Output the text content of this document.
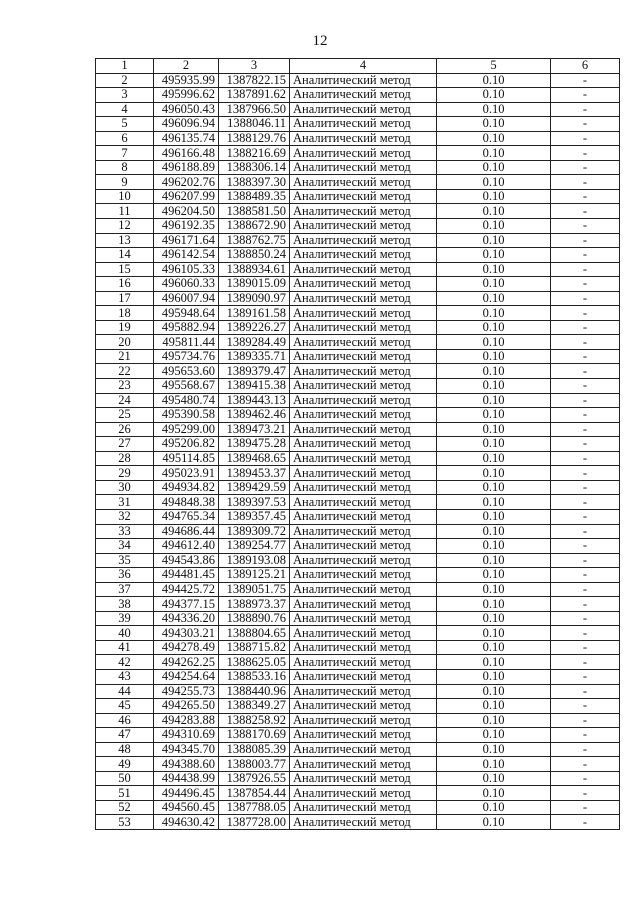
12
1	2	3	4	5	6
2	495935.99	1387822.15	Аналитический метод	0.10	-
3	495996.62	1387891.62	Аналитический метод	0.10	-
4	496050.43	1387966.50	Аналитический метод	0.10	-
5	496096.94	1388046.11	Аналитический метод	0.10	-
6	496135.74	1388129.76	Аналитический метод	0.10	-
7	496166.48	1388216.69	Аналитический метод	0.10	-
8	496188.89	1388306.14	Аналитический метод	0.10	-
9	496202.76	1388397.30	Аналитический метод	0.10	-
10	496207.99	1388489.35	Аналитический метод	0.10	-
11	496204.50	1388581.50	Аналитический метод	0.10	-
12	496192.35	1388672.90	Аналитический метод	0.10	-
13	496171.64	1388762.75	Аналитический метод	0.10	-
14	496142.54	1388850.24	Аналитический метод	0.10	-
15	496105.33	1388934.61	Аналитический метод	0.10	-
16	496060.33	1389015.09	Аналитический метод	0.10	-
17	496007.94	1389090.97	Аналитический метод	0.10	-
18	495948.64	1389161.58	Аналитический метод	0.10	-
19	495882.94	1389226.27	Аналитический метод	0.10	-
20	495811.44	1389284.49	Аналитический метод	0.10	-
21	495734.76	1389335.71	Аналитический метод	0.10	-
22	495653.60	1389379.47	Аналитический метод	0.10	-
23	495568.67	1389415.38	Аналитический метод	0.10	-
24	495480.74	1389443.13	Аналитический метод	0.10	-
25	495390.58	1389462.46	Аналитический метод	0.10	-
26	495299.00	1389473.21	Аналитический метод	0.10	-
27	495206.82	1389475.28	Аналитический метод	0.10	-
28	495114.85	1389468.65	Аналитический метод	0.10	-
29	495023.91	1389453.37	Аналитический метод	0.10	-
30	494934.82	1389429.59	Аналитический метод	0.10	-
31	494848.38	1389397.53	Аналитический метод	0.10	-
32	494765.34	1389357.45	Аналитический метод	0.10	-
33	494686.44	1389309.72	Аналитический метод	0.10	-
34	494612.40	1389254.77	Аналитический метод	0.10	-
35	494543.86	1389193.08	Аналитический метод	0.10	-
36	494481.45	1389125.21	Аналитический метод	0.10	-
37	494425.72	1389051.75	Аналитический метод	0.10	-
38	494377.15	1388973.37	Аналитический метод	0.10	-
39	494336.20	1388890.76	Аналитический метод	0.10	-
40	494303.21	1388804.65	Аналитический метод	0.10	-
41	494278.49	1388715.82	Аналитический метод	0.10	-
42	494262.25	1388625.05	Аналитический метод	0.10	-
43	494254.64	1388533.16	Аналитический метод	0.10	-
44	494255.73	1388440.96	Аналитический метод	0.10	-
45	494265.50	1388349.27	Аналитический метод	0.10	-
46	494283.88	1388258.92	Аналитический метод	0.10	-
47	494310.69	1388170.69	Аналитический метод	0.10	-
48	494345.70	1388085.39	Аналитический метод	0.10	-
49	494388.60	1388003.77	Аналитический метод	0.10	-
50	494438.99	1387926.55	Аналитический метод	0.10	-
51	494496.45	1387854.44	Аналитический метод	0.10	-
52	494560.45	1387788.05	Аналитический метод	0.10	-
53	494630.42	1387728.00	Аналитический метод	0.10	-
